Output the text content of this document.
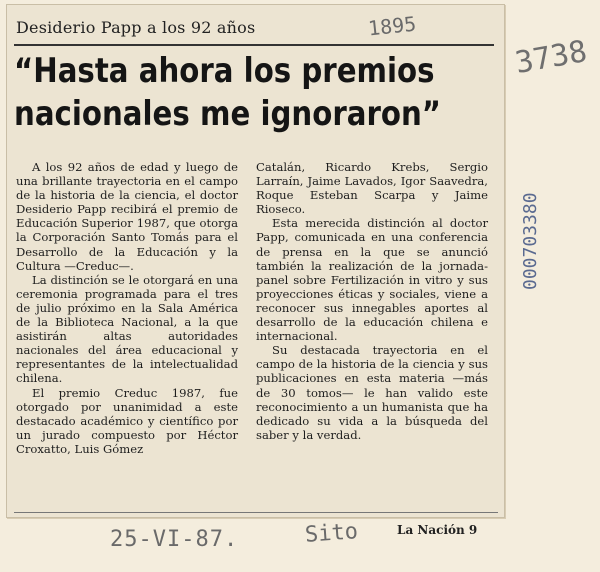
Desiderio Papp a los 92 años
“Hasta ahora los premios
nacionales me ignoraron”

A los 92 años de edad y luego de una brillante trayectoria en el campo de la historia de la ciencia, el doctor Desiderio Papp recibirá el premio de Educación Superior 1987, que otorga la Corporación Santo Tomás para el Desarrollo de la Educación y la Cultura —Creduc—.

La distinción se le otorgará en una ceremonia programada para el tres de julio próximo en la Sala América de la Biblioteca Nacional, a la que asistirán altas autoridades nacionales del área educacional y representantes de la intelectualidad chilena.

El premio Creduc 1987, fue otorgado por unanimidad a este destacado académico y científico por un jurado compuesto por Héctor Croxatto, Luis Gómez

Catalán, Ricardo Krebs, Sergio Larraín, Jaime Lavados, Igor Saavedra, Roque Esteban Scarpa y Jaime Rioseco.

Esta merecida distinción al doctor Papp, comunicada en una conferencia de prensa en la que se anunció también la realización de la jornada-panel sobre Fertilización in vitro y sus proyecciones éticas y sociales, viene a reconocer sus innegables aportes al desarrollo de la educación chilena e internacional.

Su destacada trayectoria en el campo de la historia de la ciencia y sus publicaciones en esta materia —más de 30 tomos— le han valido este reconocimiento a un humanista que ha dedicado su vida a la búsqueda del saber y la verdad.

La Nación 9
1895
3738
000703380
25-VI-87.	Sito
